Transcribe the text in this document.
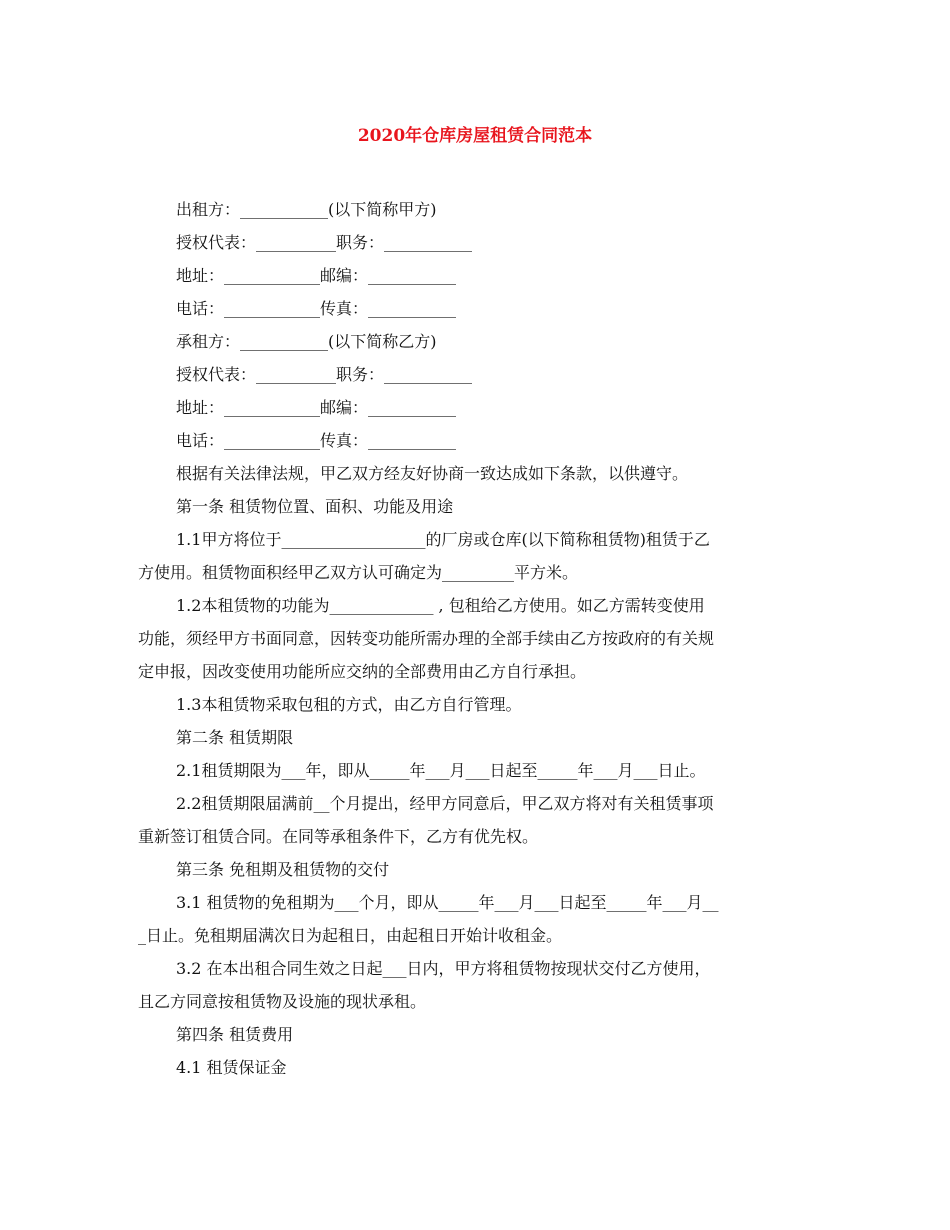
2020年仓库房屋租赁合同范本

出租方：___________(以下简称甲方)

授权代表：__________职务：___________

地址：____________邮编：___________

电话：____________传真：___________

承租方：___________(以下简称乙方)

授权代表：__________职务：___________

地址：____________邮编：___________

电话：____________传真：___________

根据有关法律法规，甲乙双方经友好协商一致达成如下条款，以供遵守。

第一条 租赁物位置、面积、功能及用途

1.1甲方将位于__________________的厂房或仓库(以下简称租赁物)租赁于乙

方使用。租赁物面积经甲乙双方认可确定为_________平方米。

1.2本租赁物的功能为_____________ , 包租给乙方使用。如乙方需转变使用

功能，须经甲方书面同意，因转变功能所需办理的全部手续由乙方按政府的有关规

定申报，因改变使用功能所应交纳的全部费用由乙方自行承担。

1.3本租赁物采取包租的方式，由乙方自行管理。

第二条 租赁期限

2.1租赁期限为___年，即从_____年___月___日起至_____年___月___日止。

2.2租赁期限届满前__个月提出，经甲方同意后，甲乙双方将对有关租赁事项

重新签订租赁合同。在同等承租条件下，乙方有优先权。

第三条 免租期及租赁物的交付

3.1 租赁物的免租期为___个月，即从_____年___月___日起至_____年___月__

_日止。免租期届满次日为起租日，由起租日开始计收租金。

3.2 在本出租合同生效之日起___日内，甲方将租赁物按现状交付乙方使用，

且乙方同意按租赁物及设施的现状承租。

第四条 租赁费用

4.1 租赁保证金
